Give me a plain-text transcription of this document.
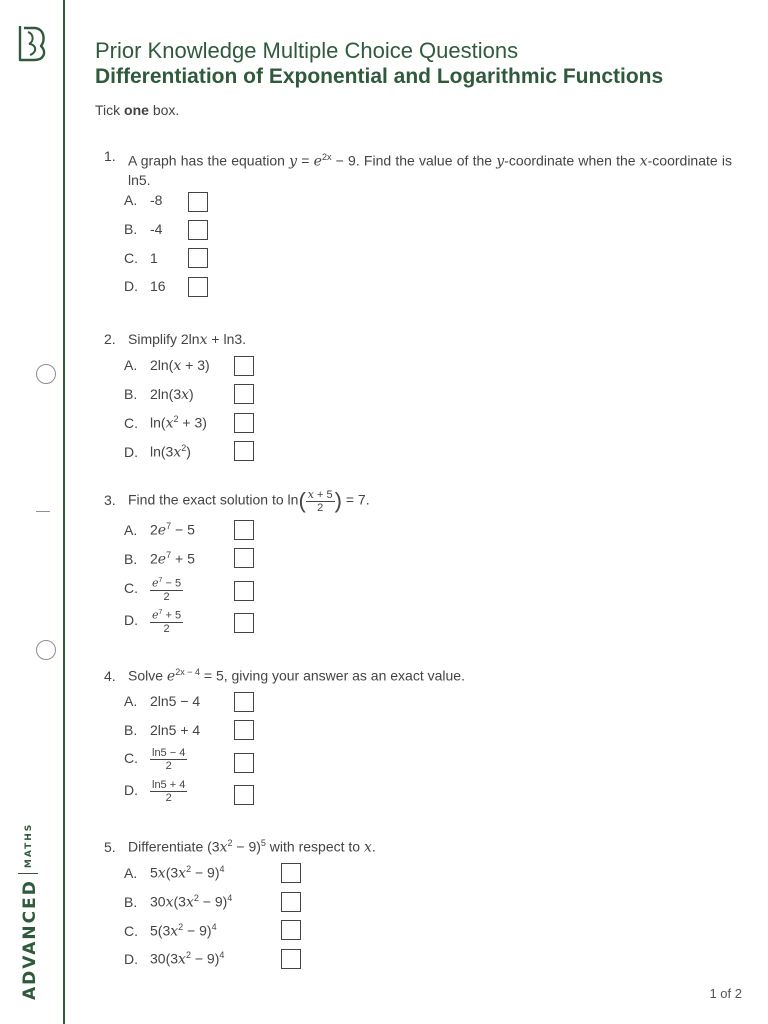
$ADVANCED^{MATHS}$
Prior Knowledge Multiple Choice Questions
Differentiation of Exponential and Logarithmic Functions
Tick one box.
1. A graph has the equation $y = e^{2x} - 9$. Find the value of the y-coordinate when the x-coordinate is ln5.
A. -8
B. -4
C. 1
D. 16
2. Simplify 2lnx + ln3.
A. 2ln(x + 3)
B. 2ln(3x)
C. $\ln(x^2 + 3)$
D. $\ln(3x^2)$
3. Find the exact solution to $\ln( \frac{x + 5}{2}$ ) = 7.
A. $2e^7 - 5$
B. $2e^7 + 5$
C. $\frac{e^7 - 5}{2}$
D. $\frac{e^7 + 5}{2}$
4. Solve $e^{2x - 4} = 5$, giving your answer as an exact value.
A. 2ln5 − 4
B. 2ln5 + 4
C. $\frac{\ln 5 - 4}{2}$
D. $\frac{\ln 5 + 4}{2}$
5. Differentiate $(3x^2 - 9)^5$ with respect to x.
A. $5x(3x^2 - 9)^4$
B. $30x(3x^2 - 9)^4$
C. $5(3x^2 - 9)^4$
D. $30(3x^2 - 9)^4$
1 of 2
